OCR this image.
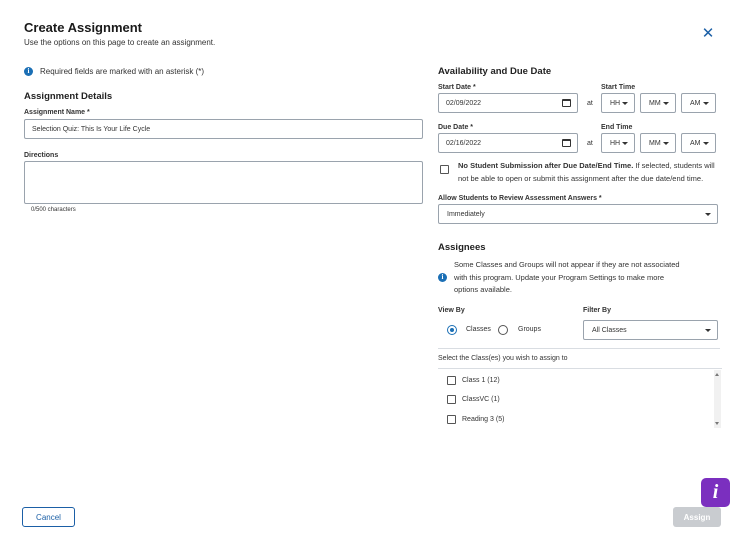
Create Assignment
Use the options on this page to create an assignment.
✕
i	Required fields are marked with an asterisk (*)
Assignment Details
Assignment Name *
Selection Quiz: This Is Your Life Cycle
Directions
0/500 characters
Availability and Due Date
Start Date *
02/09/2022	at
Start Time
HH	MM	AM
Due Date *
02/16/2022	at
End Time
HH	MM	AM
No Student Submission after Due Date/End Time. If selected, students will
not be able to open or submit this assignment after the due date/end time.
Allow Students to Review Assessment Answers *
Immediately
Assignees
i
Some Classes and Groups will not appear if they are not associated
with this program. Update your Program Settings to make more
options available.
View By
Classes	Groups
Filter By
All Classes
Select the Class(es) you wish to assign to
Class 1 (12)
ClassVC (1)
Reading 3 (5)
Cancel	Assign
i
